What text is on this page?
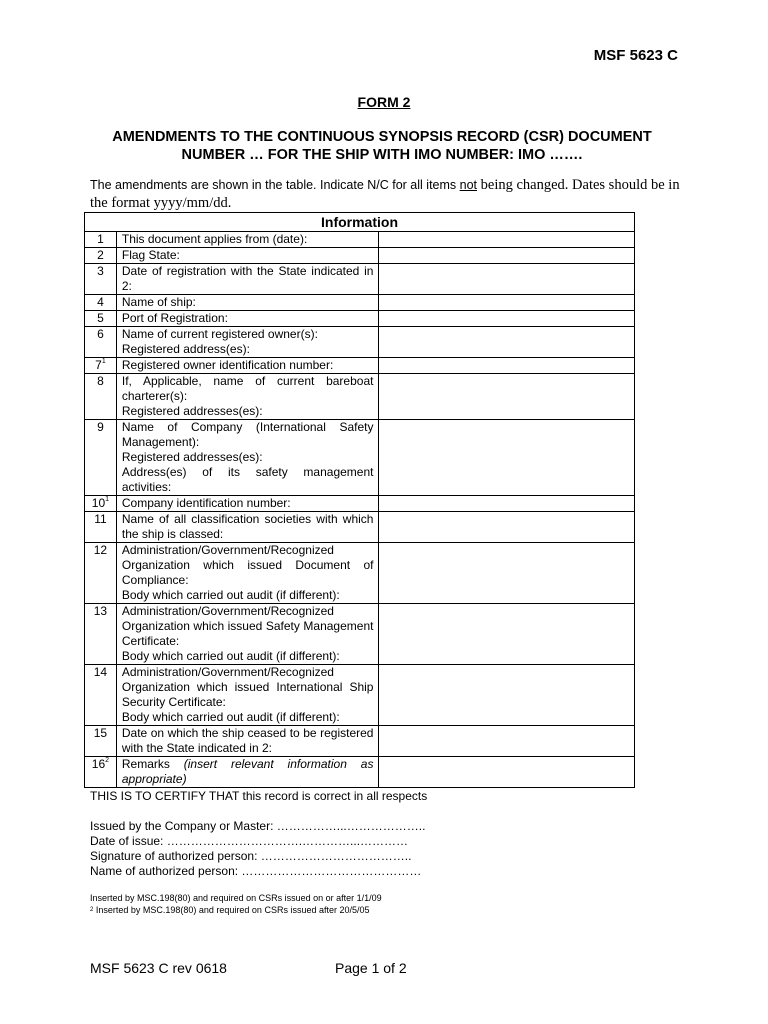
MSF 5623 C
FORM 2
AMENDMENTS TO THE CONTINUOUS SYNOPSIS RECORD (CSR) DOCUMENT
NUMBER … FOR THE SHIP WITH IMO NUMBER: IMO …….
The amendments are shown in the table. Indicate N/C for all items not being changed. Dates should be in the format yyyy/mm/dd.
Information		
1	This document applies from (date):	

2	Flag State:	

3	Date of registration with the State indicated in 2:	

4	Name of ship:	

5	Port of Registration:	

6	Name of current registered owner(s):
Registered address(es):	

$7^1$	Registered owner identification number:	

8	If, Applicable, name of current bareboat charterer(s):
Registered addresses(es):	

9	Name of Company (International Safety Management):
Registered addresses(es):
Address(es) of its safety management activities:	

$10^1$	Company identification number:	

11	Name of all classification societies with which the ship is classed:	

12	Administration/Government/Recognized Organization which issued Document of Compliance:
Body which carried out audit (if different):	

13	Administration/Government/Recognized Organization which issued Safety Management Certificate:
Body which carried out audit (if different):	

14	Administration/Government/Recognized Organization which issued International Ship Security Certificate:
Body which carried out audit (if different):	

15	Date on which the ship ceased to be registered with the State indicated in 2:	

$16^2$	Remarks (insert relevant information as appropriate)	

THIS IS TO CERTIFY THAT this record is correct in all respects
Issued by the Company or Master: ……………...………………..
Date of issue: …………………………….…………...…………
Signature of authorized person: ………………………………..
Name of authorized person: ………………………………………
Inserted by MSC.198(80) and required on CSRs issued on or after 1/1/09
$^2$ Inserted by MSC.198(80) and required on CSRs issued after 20/5/05
MSF 5623 C rev 0618	Page 1 of 2
